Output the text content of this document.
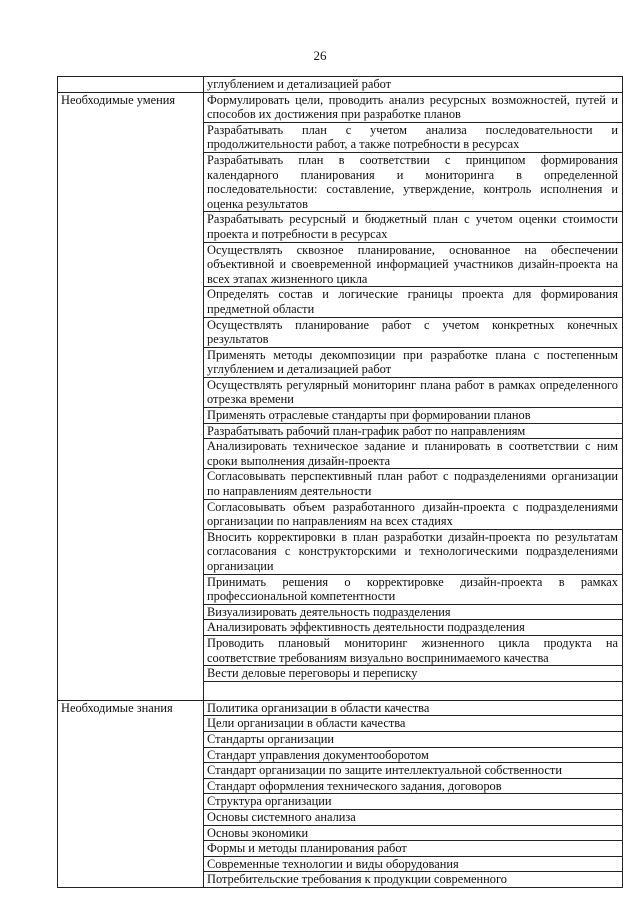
26
	углублением и детализацией работ
Необходимые умения	Формулировать цели, проводить анализ ресурсных возможностей, путей и способов их достижения при разработке планов
	Разрабатывать план с учетом анализа последовательности и продолжительности работ, а также потребности в ресурсах
	Разрабатывать план в соответствии с принципом формирования календарного планирования и мониторинга в определенной последовательности: составление, утверждение, контроль исполнения и оценка результатов
	Разрабатывать ресурсный и бюджетный план с учетом оценки стоимости проекта и потребности в ресурсах
	Осуществлять сквозное планирование, основанное на обеспечении объективной и своевременной информацией участников дизайн-проекта на всех этапах жизненного цикла
	Определять состав и логические границы проекта для формирования предметной области
	Осуществлять планирование работ с учетом конкретных конечных результатов
	Применять методы декомпозиции при разработке плана с постепенным углублением и детализацией работ
	Осуществлять регулярный мониторинг плана работ в рамках определенного отрезка времени
	Применять отраслевые стандарты при формировании планов
	Разрабатывать рабочий план-график работ по направлениям
	Анализировать техническое задание и планировать в соответствии с ним сроки выполнения дизайн-проекта
	Согласовывать перспективный план работ с подразделениями организации по направлениям деятельности
	Согласовывать объем разработанного дизайн-проекта с подразделениями организации по направлениям на всех стадиях
	Вносить корректировки в план разработки дизайн-проекта по результатам согласования с конструкторскими и технологическими подразделениями организации
	Принимать решения о корректировке дизайн-проекта в рамках профессиональной компетентности
	Визуализировать деятельность подразделения
	Анализировать эффективность деятельности подразделения
	Проводить плановый мониторинг жизненного цикла продукта на соответствие требованиям визуально воспринимаемого качества
	Вести деловые переговоры и переписку

Необходимые знания	Политика организации в области качества
	Цели организации в области качества
	Стандарты организации
	Стандарт управления документооборотом
	Стандарт организации по защите интеллектуальной собственности
	Стандарт оформления технического задания, договоров
	Структура организации
	Основы системного анализа
	Основы экономики
	Формы и методы планирования работ
	Современные технологии и виды оборудования
	Потребительские требования к продукции современного
